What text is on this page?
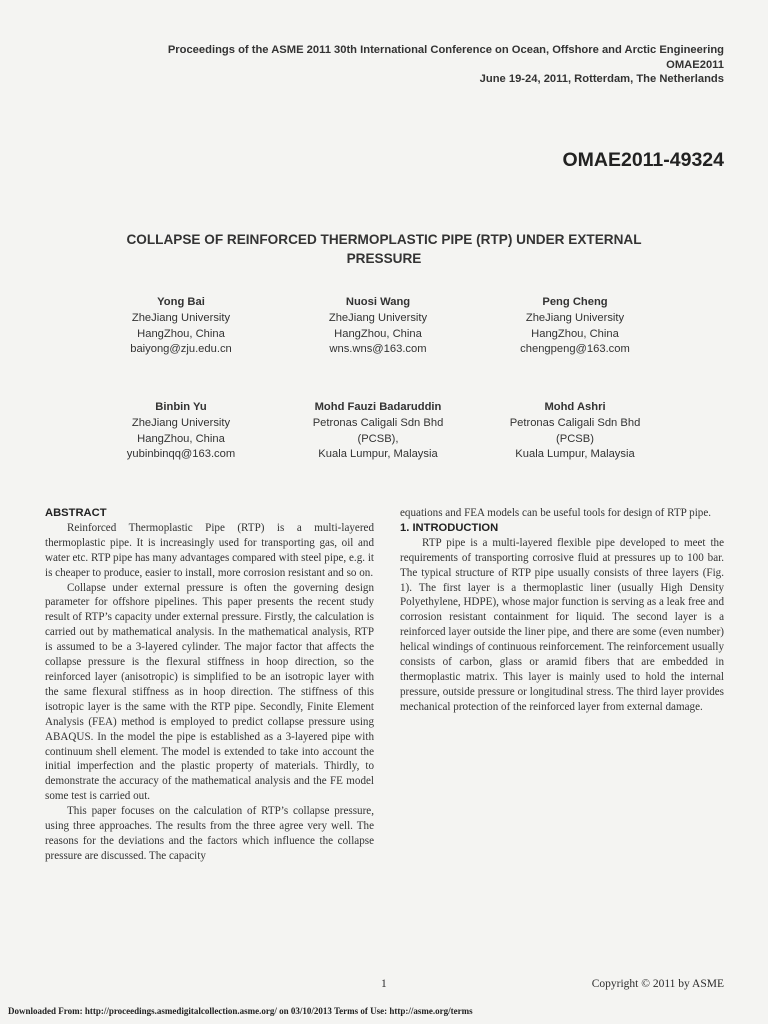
Proceedings of the ASME 2011 30th International Conference on Ocean, Offshore and Arctic Engineering
OMAE2011
June 19-24, 2011, Rotterdam, The Netherlands
OMAE2011-49324
COLLAPSE OF REINFORCED THERMOPLASTIC PIPE (RTP) UNDER EXTERNAL
PRESSURE
Yong Bai
ZheJiang University
HangZhou, China
baiyong@zju.edu.cn
Nuosi Wang
ZheJiang University
HangZhou, China
wns.wns@163.com
Peng Cheng
ZheJiang University
HangZhou, China
chengpeng@163.com
Binbin Yu
ZheJiang University
HangZhou, China
yubinbinqq@163.com
Mohd Fauzi Badaruddin
Petronas Caligali Sdn Bhd
(PCSB),
Kuala Lumpur, Malaysia
Mohd Ashri
Petronas Caligali Sdn Bhd
(PCSB)
Kuala Lumpur, Malaysia
ABSTRACT

Reinforced Thermoplastic Pipe (RTP) is a multi-layered thermoplastic pipe. It is increasingly used for transporting gas, oil and water etc. RTP pipe has many advantages compared with steel pipe, e.g. it is cheaper to produce, easier to install, more corrosion resistant and so on.

Collapse under external pressure is often the governing design parameter for offshore pipelines. This paper presents the recent study result of RTP’s capacity under external pressure. Firstly, the calculation is carried out by mathematical analysis. In the mathematical analysis, RTP is assumed to be a 3-layered cylinder. The major factor that affects the collapse pressure is the flexural stiffness in hoop direction, so the reinforced layer (anisotropic) is simplified to be an isotropic layer with the same flexural stiffness as in hoop direction. The stiffness of this isotropic layer is the same with the RTP pipe. Secondly, Finite Element Analysis (FEA) method is employed to predict collapse pressure using ABAQUS. In the model the pipe is established as a 3-layered pipe with continuum shell element. The model is extended to take into account the initial imperfection and the plastic property of materials. Thirdly, to demonstrate the accuracy of the mathematical analysis and the FE model some test is carried out.

This paper focuses on the calculation of RTP’s collapse pressure, using three approaches. The results from the three agree very well. The reasons for the deviations and the factors which influence the collapse pressure are discussed. The capacity

equations and FEA models can be useful tools for design of RTP pipe.

1. INTRODUCTION

RTP pipe is a multi-layered flexible pipe developed to meet the requirements of transporting corrosive fluid at pressures up to 100 bar. The typical structure of RTP pipe usually consists of three layers (Fig. 1). The first layer is a thermoplastic liner (usually High Density Polyethylene, HDPE), whose major function is serving as a leak free and corrosion resistant containment for liquid. The second layer is a reinforced layer outside the liner pipe, and there are some (even number) helical windings of continuous reinforcement. The reinforcement usually consists of carbon, glass or aramid fibers that are embedded in thermoplastic matrix. This layer is mainly used to hold the internal pressure, outside pressure or longitudinal stress. The third layer provides mechanical protection of the reinforced layer from external damage.

1	Copyright © 2011 by ASME
Downloaded From: http://proceedings.asmedigitalcollection.asme.org/ on 03/10/2013 Terms of Use: http://asme.org/terms
